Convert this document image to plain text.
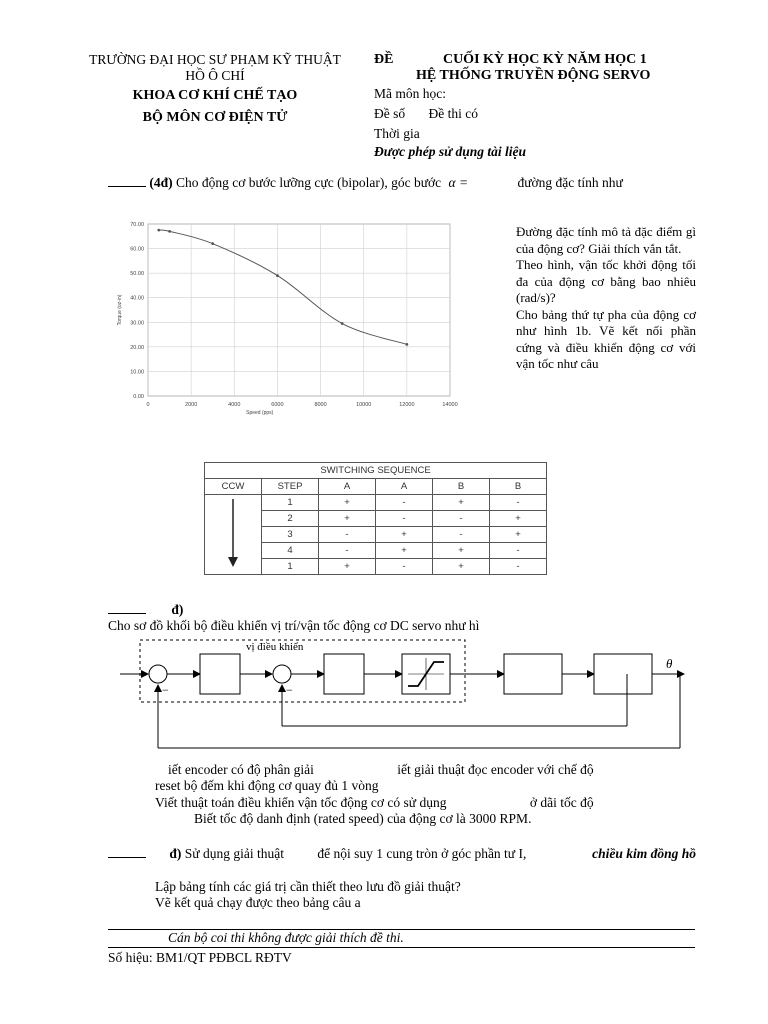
TRƯỜNG ĐẠI HỌC SƯ PHẠM KỸ THUẬT
HỒ Ô CHÍ
KHOA CƠ KHÍ CHẾ TẠO
BỘ MÔN CƠ ĐIỆN TỬ
ĐỀ	CUỐI KỲ HỌC KỲ NĂM HỌC 1
HỆ THỐNG TRUYỀN ĐỘNG SERVO
Mã môn học:
Đề số Đề thi có
Thời gia
Được phép sử dụng tài liệu
(4đ) Cho động cơ bước lưỡng cực (bipolar), góc bước α =	đường đặc tính như
0	2000	4000	6000	8000	10000	12000	14000
0.00
10.00
20.00
30.00
40.00
50.00
60.00
70.00
Speed (pps)
Torque (oz-in)
Đường đặc tính mô tả đặc điểm gì của động cơ? Giải thích vắn tắt.
Theo hình, vận tốc khởi động tối đa của động cơ bằng bao nhiêu (rad/s)?
Cho bảng thứ tự pha của động cơ như hình 1b. Vẽ kết nối phần cứng và điều khiển động cơ với vận tốc như câu
SWITCHING SEQUENCE					
CCW	STEP	A	A	B	B
	1	+	-	+	-
	2	+	-	-	+
	3	-	+	-	+
	4	-	+	+	-
	1	+	-	+	-
đ)
Cho sơ đồ khối bộ điều khiển vị trí/vận tốc động cơ DC servo như hì
vị điều khiển
−	−
θ
iết encoder có độ phân giải	iết giải thuật đọc encoder với chế độ
reset bộ đếm khi động cơ quay đủ 1 vòng
Viết thuật toán điều khiển vận tốc động cơ có sử dụng	ở dãi tốc độ
Biết tốc độ danh định (rated speed) của động cơ là 3000 RPM.
đ) Sử dụng giải thuật để nội suy 1 cung tròn ở góc phần tư I,	chiều kim đồng hồ
Lập bảng tính các giá trị cần thiết theo lưu đồ giải thuật?
Vẽ kết quả chạy được theo bảng câu a
Cán bộ coi thi không được giải thích đề thi.
Số hiệu: BM1/QT PĐBCL RĐTV
